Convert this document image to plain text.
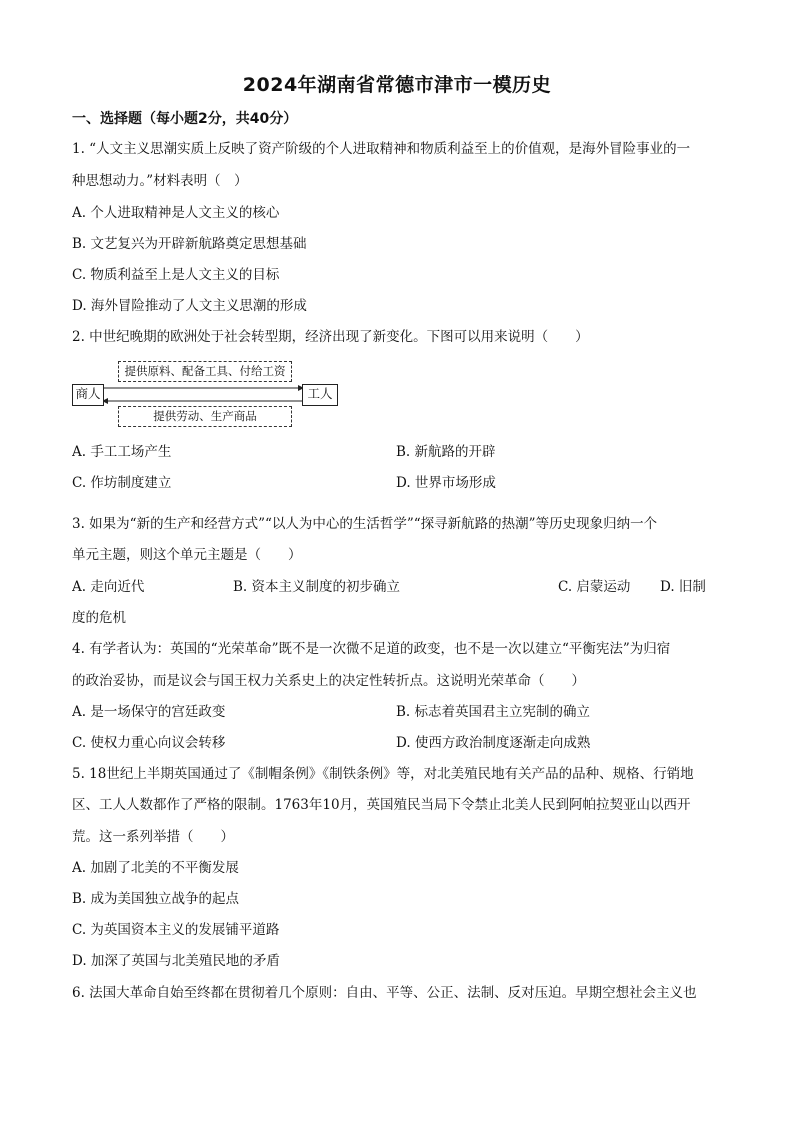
2024年湖南省常德市津市一模历史
一、选择题（每小题2分，共40分）
1. “人文主义思潮实质上反映了资产阶级的个人进取精神和物质利益至上的价值观，是海外冒险事业的一
种思想动力。”材料表明（　）
A. 个人进取精神是人文主义的核心
B. 文艺复兴为开辟新航路奠定思想基础
C. 物质利益至上是人文主义的目标
D. 海外冒险推动了人文主义思潮的形成
2. 中世纪晚期的欧洲处于社会转型期，经济出现了新变化。下图可以用来说明（　　）
商人	工人
提供原料、配备工具、付给工资
提供劳动、生产商品
A. 手工工场产生	B. 新航路的开辟
C. 作坊制度建立	D. 世界市场形成
3. 如果为“新的生产和经营方式”“以人为中心的生活哲学”“探寻新航路的热潮”等历史现象归纳一个
单元主题，则这个单元主题是（　　）
A. 走向近代	B. 资本主义制度的初步确立	C. 启蒙运动	D. 旧制
度的危机
4. 有学者认为：英国的“光荣革命”既不是一次微不足道的政变，也不是一次以建立“平衡宪法”为归宿
的政治妥协，而是议会与国王权力关系史上的决定性转折点。这说明光荣革命（　　）
A. 是一场保守的宫廷政变	B. 标志着英国君主立宪制的确立
C. 使权力重心向议会转移	D. 使西方政治制度逐渐走向成熟
5. 18世纪上半期英国通过了《制帽条例》《制铁条例》等，对北美殖民地有关产品的品种、规格、行销地
区、工人人数都作了严格的限制。1763年10月，英国殖民当局下令禁止北美人民到阿帕拉契亚山以西开
荒。这一系列举措（　　）
A. 加剧了北美的不平衡发展
B. 成为美国独立战争的起点
C. 为英国资本主义的发展铺平道路
D. 加深了英国与北美殖民地的矛盾
6. 法国大革命自始至终都在贯彻着几个原则：自由、平等、公正、法制、反对压迫。早期空想社会主义也
